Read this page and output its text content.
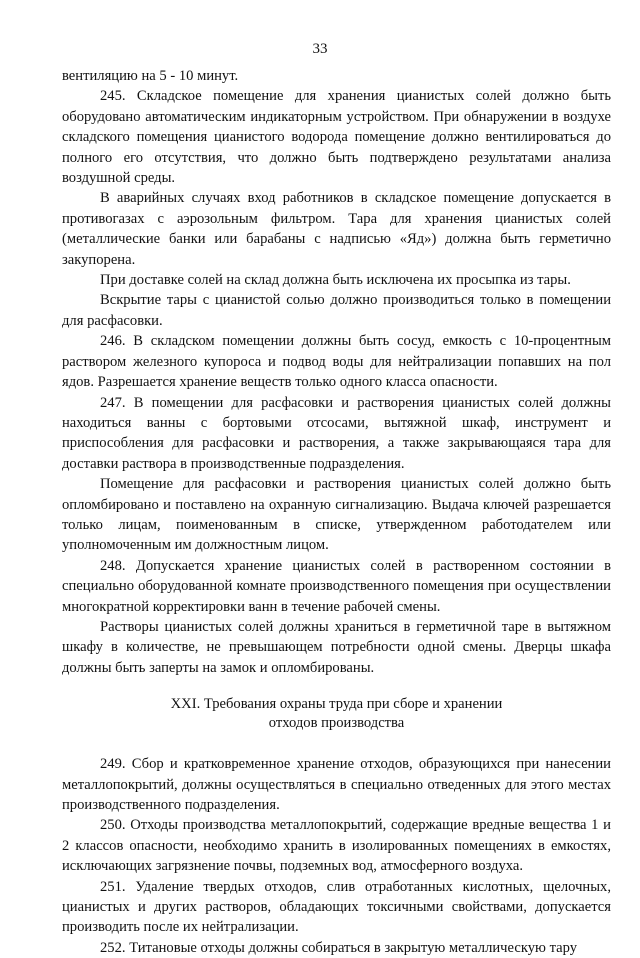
33

вентиляцию на 5 - 10 минут.

245. Складское помещение для хранения цианистых солей должно быть оборудовано автоматическим индикаторным устройством. При обнаружении в воздухе складского помещения цианистого водорода помещение должно вентилироваться до полного его отсутствия, что должно быть подтверждено результатами анализа воздушной среды.

В аварийных случаях вход работников в складское помещение допускается в противогазах с аэрозольным фильтром. Тара для хранения цианистых солей (металлические банки или барабаны с надписью «Яд») должна быть герметично закупорена.

При доставке солей на склад должна быть исключена их просыпка из тары.

Вскрытие тары с цианистой солью должно производиться только в помещении для расфасовки.

246. В складском помещении должны быть сосуд, емкость с 10-процентным раствором железного купороса и подвод воды для нейтрализации попавших на пол ядов. Разрешается хранение веществ только одного класса опасности.

247. В помещении для расфасовки и растворения цианистых солей должны находиться ванны с бортовыми отсосами, вытяжной шкаф, инструмент и приспособления для расфасовки и растворения, а также закрывающаяся тара для доставки раствора в производственные подразделения.

Помещение для расфасовки и растворения цианистых солей должно быть опломбировано и поставлено на охранную сигнализацию. Выдача ключей разрешается только лицам, поименованным в списке, утвержденном работодателем или уполномоченным им должностным лицом.

248. Допускается хранение цианистых солей в растворенном состоянии в специально оборудованной комнате производственного помещения при осуществлении многократной корректировки ванн в течение рабочей смены.

Растворы цианистых солей должны храниться в герметичной таре в вытяжном шкафу в количестве, не превышающем потребности одной смены. Дверцы шкафа должны быть заперты на замок и опломбированы.

XXI. Требования охраны труда при сборе и хранении
отходов производства

249. Сбор и кратковременное хранение отходов, образующихся при нанесении металлопокрытий, должны осуществляться в специально отведенных для этого местах производственного подразделения.

250. Отходы производства металлопокрытий, содержащие вредные вещества 1 и 2 классов опасности, необходимо хранить в изолированных помещениях в емкостях, исключающих загрязнение почвы, подземных вод, атмосферного воздуха.

251. Удаление твердых отходов, слив отработанных кислотных, щелочных, цианистых и других растворов, обладающих токсичными свойствами, допускается производить после их нейтрализации.

252. Титановые отходы должны собираться в закрытую металлическую тару
